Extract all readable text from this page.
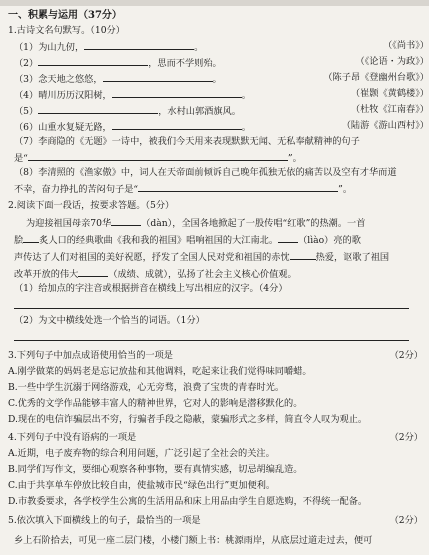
一、积累与运用（37分）
1.古诗文名句默写。（10分）
（1）为山九仞，	。	（《尚书》）
（2）	，思而不学则殆。	（《论语・为政》）
（3）念天地之悠悠，	。	（陈子昂《登幽州台歌》）
（4）晴川历历汉阳树，	。	（崔颢《黄鹤楼》）
（5）	，水村山郭酒旗风。	（杜牧《江南春》）
（6）山重水复疑无路，	。	（陆游《游山西村》）
（7）李商隐的《无题》一诗中，被我们今天用来表现默默无闻、无私奉献精神的句子
是“	”。
（8）李清照的《渔家傲》中，词人在天帝面前倾诉自己晚年孤独无依的痛苦以及空有才华而道
不幸，奋力挣扎的苦闷句子是“	”。
2.阅读下面一段话，按要求答题。（5分）
为迎接祖国母亲70华	（dàn），全国各地掀起了一股传唱“红歌”的热潮。一首
脍 炙人口的经典歌曲《我和我的祖国》唱响祖国的大江南北。 （lìào）亮的歌
声传达了人们对祖国的美好祝愿，抒发了全国人民对党和祖国的赤忱	热爱，讴歌了祖国
改革开放的伟大	（成绩、成就），弘扬了社会主义核心价值观。
（1）给加点的字注音或根据拼音在横线上写出相应的汉字。（4分）
（2）为文中横线处选一个恰当的词语。（1分）
3.下列句子中加点成语使用恰当的一项是	（2分）
A.刚学做菜的妈妈老是忘记放盐和其他调料，吃起来让我们觉得味同嚼蜡。
B.一些中学生沉溺于网络游戏，心无旁骛，浪费了宝贵的青春时光。
C.优秀的文学作品能够丰富人的精神世界，它对人的影响是潜移默化的。
D.现在的电信诈骗层出不穷，行骗者手段之隐蔽，蒙骗形式之多样，简直令人叹为观止。
4.下列句子中没有语病的一项是	（2分）
A.近期，电子废弃物的综合利用问题，广泛引起了全社会的关注。
B.同学们写作文，要细心观察各种事物，要有真情实感，切忌胡编乱造。
C.由于共享单车停放比较自由，使盐城市民“绿色出行”更加便利。
D.市教委要求，各学校学生公寓的生活用品和床上用品由学生自愿选购，不得统一配备。
5.依次填入下面横线上的句子，最恰当的一项是	（2分）
乡上石阶拾去，可见一座二层门楼，小楼门额上书：桃源雨岸，从底层过道走过去，便可
